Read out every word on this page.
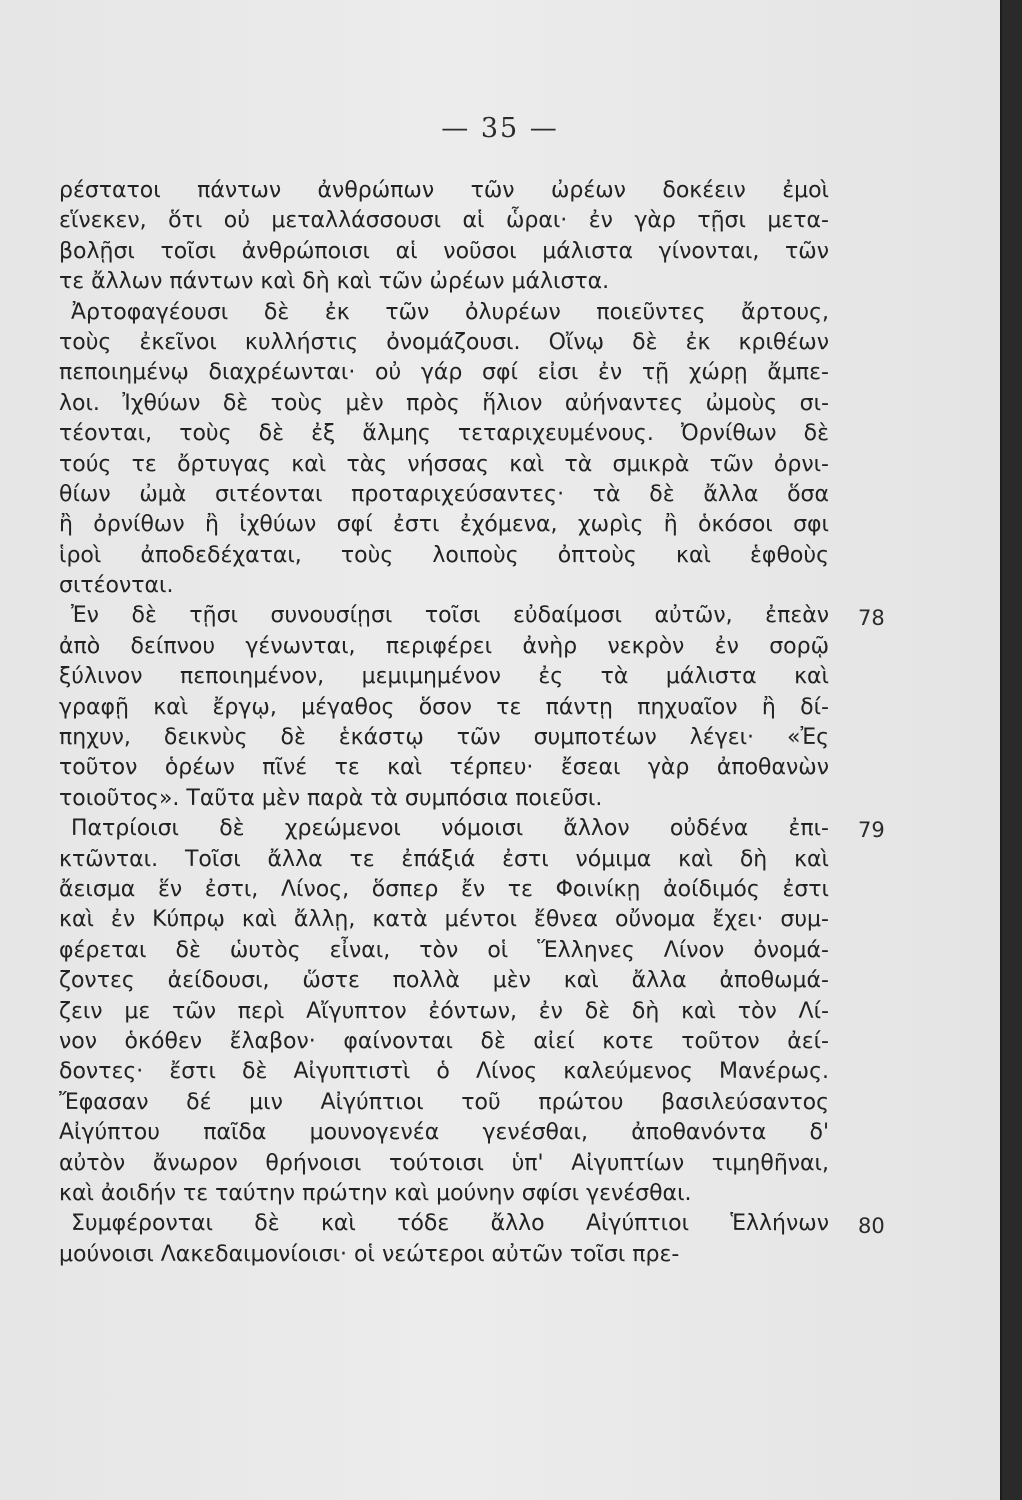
— 35 —
ρέστατοι πάντων ἀνθρώπων τῶν ὠρέων δοκέειν ἐμοὶ
εἵνεκεν, ὅτι οὐ μεταλλάσσουσι αἱ ὧραι· ἐν γὰρ τῇσι μετα-
βολῇσι τοῖσι ἀνθρώποισι αἱ νοῦσοι μάλιστα γίνονται, τῶν
τε ἄλλων πάντων καὶ δὴ καὶ τῶν ὠρέων μάλιστα.
Ἀρτοφαγέουσι δὲ ἐκ τῶν ὀλυρέων ποιεῦντες ἄρτους,
τοὺς ἐκεῖνοι κυλλήστις ὀνομάζουσι. Οἴνῳ δὲ ἐκ κριθέων
πεποιημένῳ διαχρέωνται· οὐ γάρ σφί εἰσι ἐν τῇ χώρῃ ἄμπε-
λοι. Ἰχθύων δὲ τοὺς μὲν πρὸς ἥλιον αὐήναντες ὠμοὺς σι-
τέονται, τοὺς δὲ ἐξ ἅλμης τεταριχευμένους. Ὀρνίθων δὲ
τούς τε ὄρτυγας καὶ τὰς νήσσας καὶ τὰ σμικρὰ τῶν ὀρνι-
θίων ὠμὰ σιτέονται προταριχεύσαντες· τὰ δὲ ἄλλα ὅσα
ἢ ὀρνίθων ἢ ἰχθύων σφί ἐστι ἐχόμενα, χωρὶς ἢ ὁκόσοι σφι
ἱροὶ ἀποδεδέχαται, τοὺς λοιποὺς ὀπτοὺς καὶ ἑφθοὺς
σιτέονται.
Ἐν δὲ τῇσι συνουσίῃσι τοῖσι εὐδαίμοσι αὐτῶν, ἐπεὰν
ἀπὸ δείπνου γένωνται, περιφέρει ἀνὴρ νεκρὸν ἐν σορῷ
ξύλινον πεποιημένον, μεμιμημένον ἐς τὰ μάλιστα καὶ
γραφῇ καὶ ἔργῳ, μέγαθος ὅσον τε πάντῃ πηχυαῖον ἢ δί-
πηχυν, δεικνὺς δὲ ἑκάστῳ τῶν συμποτέων λέγει· «Ἐς
τοῦτον ὁρέων πῖνέ τε καὶ τέρπευ· ἔσεαι γὰρ ἀποθανὼν
τοιοῦτος». Ταῦτα μὲν παρὰ τὰ συμπόσια ποιεῦσι.
Πατρίοισι δὲ χρεώμενοι νόμοισι ἄλλον οὐδένα ἐπι-
κτῶνται. Τοῖσι ἄλλα τε ἐπάξιά ἐστι νόμιμα καὶ δὴ καὶ
ἄεισμα ἕν ἐστι, Λίνος, ὅσπερ ἔν τε Φοινίκῃ ἀοίδιμός ἐστι
καὶ ἐν Κύπρῳ καὶ ἄλλῃ, κατὰ μέντοι ἔθνεα οὔνομα ἔχει· συμ-
φέρεται δὲ ὡυτὸς εἶναι, τὸν οἱ Ἕλληνες Λίνον ὀνομά-
ζοντες ἀείδουσι, ὥστε πολλὰ μὲν καὶ ἄλλα ἀποθωμά-
ζειν με τῶν περὶ Αἴγυπτον ἐόντων, ἐν δὲ δὴ καὶ τὸν Λί-
νον ὁκόθεν ἔλαβον· φαίνονται δὲ αἰεί κοτε τοῦτον ἀεί-
δοντες· ἔστι δὲ Αἰγυπτιστὶ ὁ Λίνος καλεύμενος Μανέρως.
Ἔφασαν δέ μιν Αἰγύπτιοι τοῦ πρώτου βασιλεύσαντος
Αἰγύπτου παῖδα μουνογενέα γενέσθαι, ἀποθανόντα δ'
αὐτὸν ἄνωρον θρήνοισι τούτοισι ὑπ' Αἰγυπτίων τιμηθῆναι,
καὶ ἀοιδήν τε ταύτην πρώτην καὶ μούνην σφίσι γενέσθαι.
Συμφέρονται δὲ καὶ τόδε ἄλλο Αἰγύπτιοι Ἑλλήνων
μούνοισι Λακεδαιμονίοισι· οἱ νεώτεροι αὐτῶν τοῖσι πρε-
78
79
80
